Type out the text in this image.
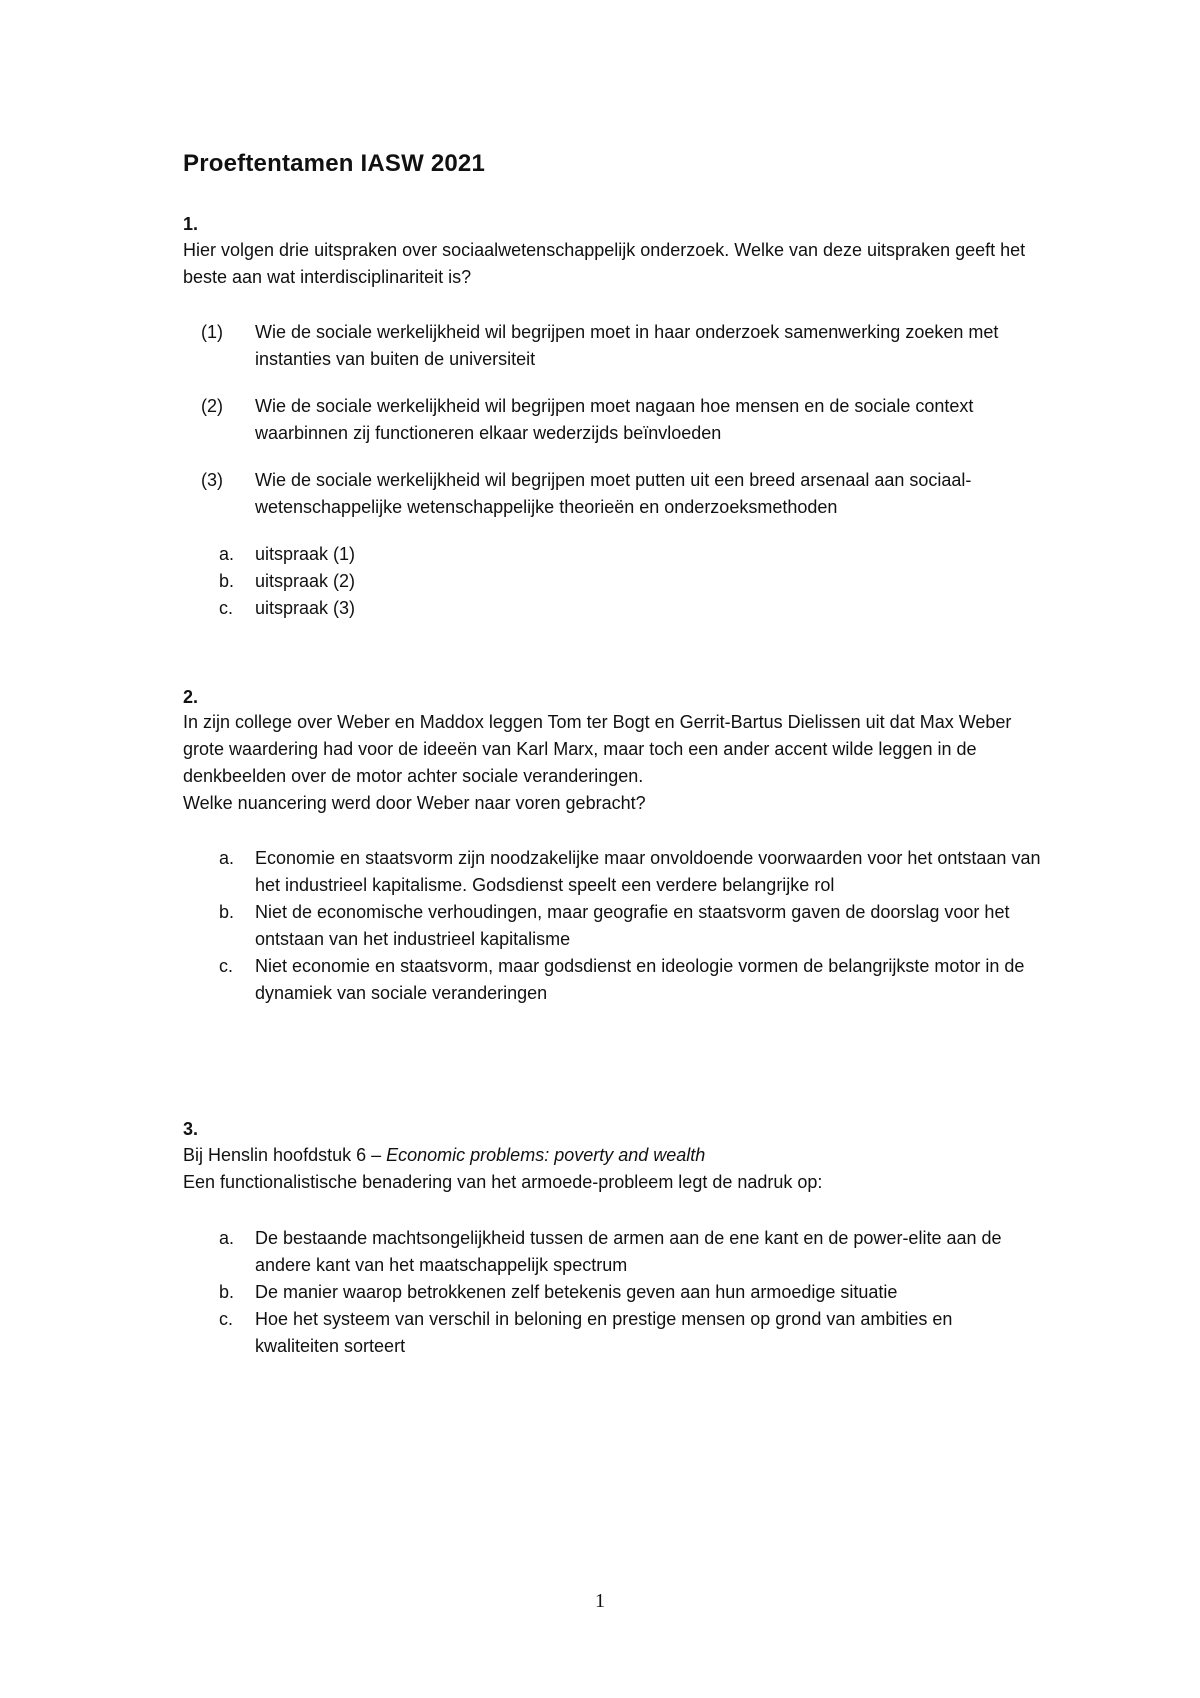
Proeftentamen IASW 2021
1.
Hier volgen drie uitspraken over sociaalwetenschappelijk onderzoek. Welke van deze uitspraken geeft het beste aan wat interdisciplinariteit is?
(1) Wie de sociale werkelijkheid wil begrijpen moet in haar onderzoek samenwerking zoeken met instanties van buiten de universiteit
(2) Wie de sociale werkelijkheid wil begrijpen moet nagaan hoe mensen en de sociale context waarbinnen zij functioneren elkaar wederzijds beïnvloeden
(3) Wie de sociale werkelijkheid wil begrijpen moet putten uit een breed arsenaal aan sociaal-wetenschappelijke wetenschappelijke theorieën en onderzoeksmethoden
a. uitspraak (1)
b. uitspraak (2)
c. uitspraak (3)
2.
In zijn college over Weber en Maddox leggen Tom ter Bogt en Gerrit-Bartus Dielissen uit dat Max Weber grote waardering had voor de ideeën van Karl Marx, maar toch een ander accent wilde leggen in de denkbeelden over de motor achter sociale veranderingen.
Welke nuancering werd door Weber naar voren gebracht?
a. Economie en staatsvorm zijn noodzakelijke maar onvoldoende voorwaarden voor het ontstaan van het industrieel kapitalisme. Godsdienst speelt een verdere belangrijke rol
b. Niet de economische verhoudingen, maar geografie en staatsvorm gaven de doorslag voor het ontstaan van het industrieel kapitalisme
c. Niet economie en staatsvorm, maar godsdienst en ideologie vormen de belangrijkste motor in de dynamiek van sociale veranderingen
3.
Bij Henslin hoofdstuk 6 – Economic problems: poverty and wealth
Een functionalistische benadering van het armoede-probleem legt de nadruk op:
a. De bestaande machtsongelijkheid tussen de armen aan de ene kant en de power-elite aan de andere kant van het maatschappelijk spectrum
b. De manier waarop betrokkenen zelf betekenis geven aan hun armoedige situatie
c. Hoe het systeem van verschil in beloning en prestige mensen op grond van ambities en kwaliteiten sorteert
1
